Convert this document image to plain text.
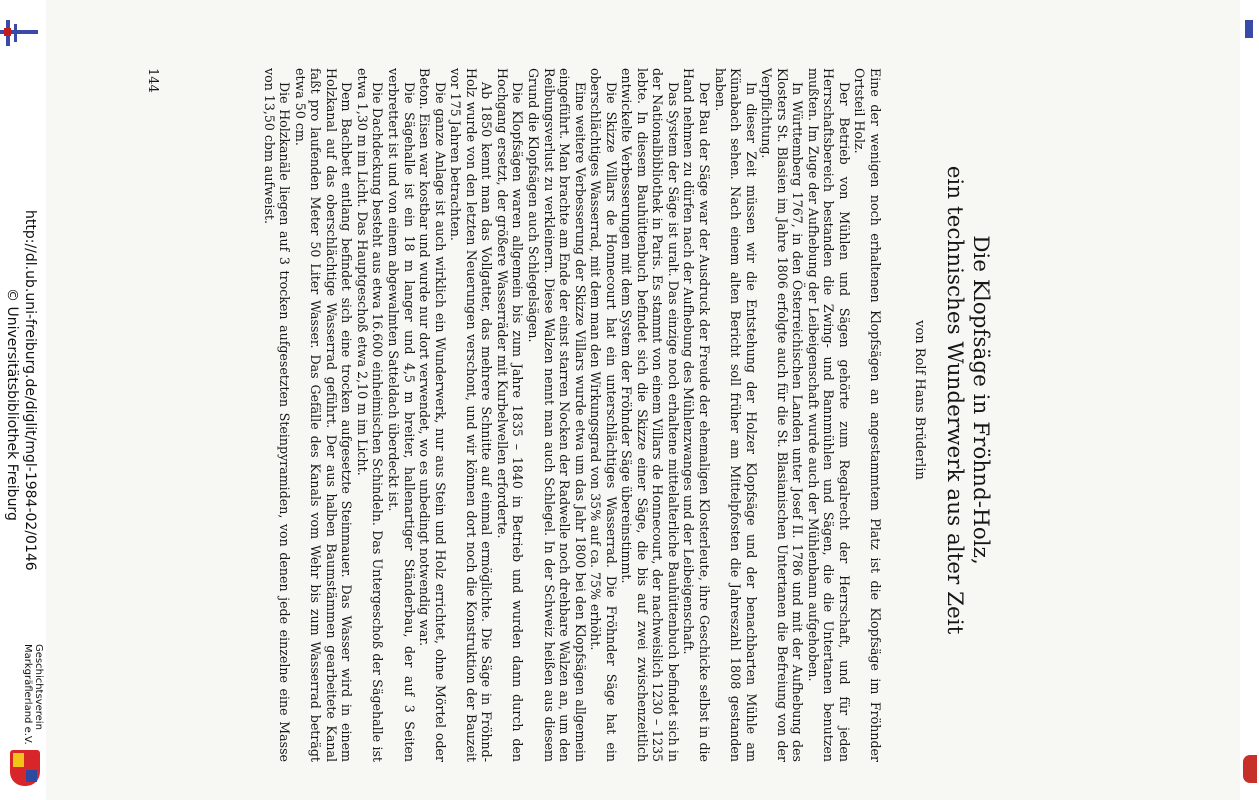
http://dl.ub.uni-freiburg.de/diglit/mgl-1984-02/0146
© Universitätsbibliothek Freiburg
Geschichtsverein
Markgräflerland e.V.
Die Klopfsäge in Fröhnd-Holz,
ein technisches Wunderwerk aus alter Zeit
von Rolf Hans Brüderlin

Eine der wenigen noch erhaltenen Klopfsägen an angestammtem Platz ist die Klopfsäge im Fröhnder Ortsteil Holz.

Der Betrieb von Mühlen und Sägen gehörte zum Regalrecht der Herrschaft, und für jeden Herrschaftsbereich bestanden die Zwing- und Bannmühlen und Sägen, die die Untertanen benutzen mußten. Im Zuge der Aufhebung der Leibeigenschaft wurde auch der Mühlenbann aufgehoben.

In Württemberg 1767, in den Österreichischen Landen unter Josef II. 1786 und mit der Aufhebung des Klosters St. Blasien im Jahre 1806 erfolgte auch für die St. Blasianischen Untertanen die Befreiung von der Verpflichtung.

In dieser Zeit müssen wir die Entstehung der Holzer Klopfsäge und der benachbarten Mühle am Künabach sehen. Nach einem alten Bericht soll früher am Mittelpfosten die Jahreszahl 1808 gestanden haben.

Der Bau der Säge war der Ausdruck der Freude der ehemaligen Klosterleute, ihre Geschicke selbst in die Hand nehmen zu dürfen nach der Aufhebung des Mühlenzwanges und der Leibeigenschaft.

Das System der Säge ist uralt. Das einzige noch erhaltene mittelalterliche Bauhüttenbuch befindet sich in der Nationalbibliothek in Paris. Es stammt von einem Villars de Honnecourt, der nachweislich 1230 – 1235 lebte. In diesem Bauhüttenbuch befindet sich die Skizze einer Säge, die bis auf zwei zwischenzeitlich entwickelte Verbesserungen mit dem System der Fröhnder Säge übereinstimmt.

Die Skizze Villars de Honnecourt hat ein unterschlächtiges Wasserrad. Die Fröhnder Säge hat ein oberschlächtiges Wasserrad, mit dem man den Wirkungsgrad von 35% auf ca. 75% erhöht.

Eine weitere Verbesserung der Skizze Villars wurde etwa um das Jahr 1800 bei den Klopfsägen allgemein eingeführt. Man brachte am Ende der einst starren Nocken der Radwelle noch drehbare Walzen an, um den Reibungsverlust zu verkleinern. Diese Walzen nennt man auch Schlegel. In der Schweiz heißen aus diesem Grund die Klopfsägen auch Schlegelsägen.

Die Klopfsägen waren allgemein bis zum Jahre 1835 – 1840 in Betrieb und wurden dann durch den Hochgang ersetzt, der größere Wasserräder mit Kurbelwellen erforderte.

Ab 1850 kennt man das Vollgatter, das mehrere Schnitte auf einmal ermöglichte. Die Säge in Fröhnd-Holz wurde von den letzten Neuerungen verschont, und wir können dort noch die Konstruktion der Bauzeit vor 175 Jahren betrachten.

Die ganze Anlage ist auch wirklich ein Wunderwerk, nur aus Stein und Holz errichtet, ohne Mörtel oder Beton. Eisen war kostbar und wurde nur dort verwendet, wo es unbedingt notwendig war.

Die Sägehalle ist ein 18 m langer und 4,5 m breiter, hallenartiger Ständerbau, der auf 3 Seiten verbrettert ist und von einem abgewalmten Satteldach überdeckt ist.

Die Dachdeckung besteht aus etwa 16.600 einheimischen Schindeln. Das Untergeschoß der Sägehalle ist etwa 1,30 m im Licht. Das Hauptgeschoß etwa 2,10 m im Licht.

Dem Bachbett entlang befindet sich eine trocken aufgesetzte Steinmauer. Das Wasser wird in einem Holzkanal auf das oberschlächtige Wasserrad geführt. Der aus halben Baumstämmen gearbeitete Kanal faßt pro laufenden Meter 50 Liter Wasser. Das Gefälle des Kanals vom Wehr bis zum Wasserrad beträgt etwa 50 cm.

Die Holzkanäle liegen auf 3 trocken aufgesetzten Steinpyramiden, von denen jede einzelne eine Masse von 13,50 cbm aufweist.

144
